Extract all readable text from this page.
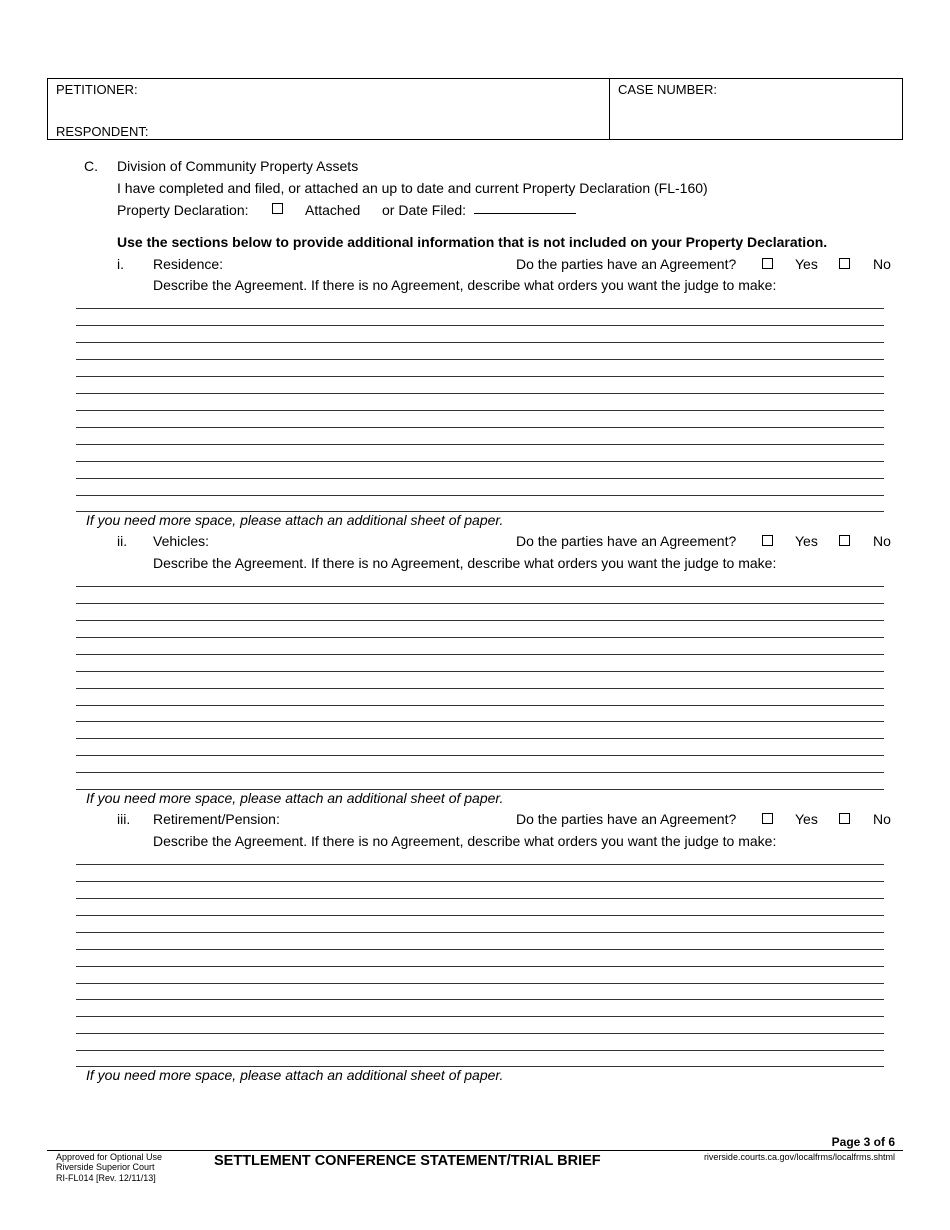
PETITIONER:
RESPONDENT:
CASE NUMBER:
C. Division of Community Property Assets
I have completed and filed, or attached an up to date and current Property Declaration (FL-160)
Property Declaration:	Attached or Date Filed:
Use the sections below to provide additional information that is not included on your Property Declaration.
i. Residence:	Do the parties have an Agreement?	Yes	No
Describe the Agreement. If there is no Agreement, describe what orders you want the judge to make:
If you need more space, please attach an additional sheet of paper.
ii. Vehicles:	Do the parties have an Agreement?	Yes	No
Describe the Agreement. If there is no Agreement, describe what orders you want the judge to make:
If you need more space, please attach an additional sheet of paper.
iii. Retirement/Pension:	Do the parties have an Agreement?	Yes	No
Describe the Agreement. If there is no Agreement, describe what orders you want the judge to make:
If you need more space, please attach an additional sheet of paper.
Page 3 of 6
Approved for Optional Use
Riverside Superior Court
RI-FL014 [Rev. 12/11/13]
SETTLEMENT CONFERENCE STATEMENT/TRIAL BRIEF	riverside.courts.ca.gov/localfrms/localfrms.shtml
